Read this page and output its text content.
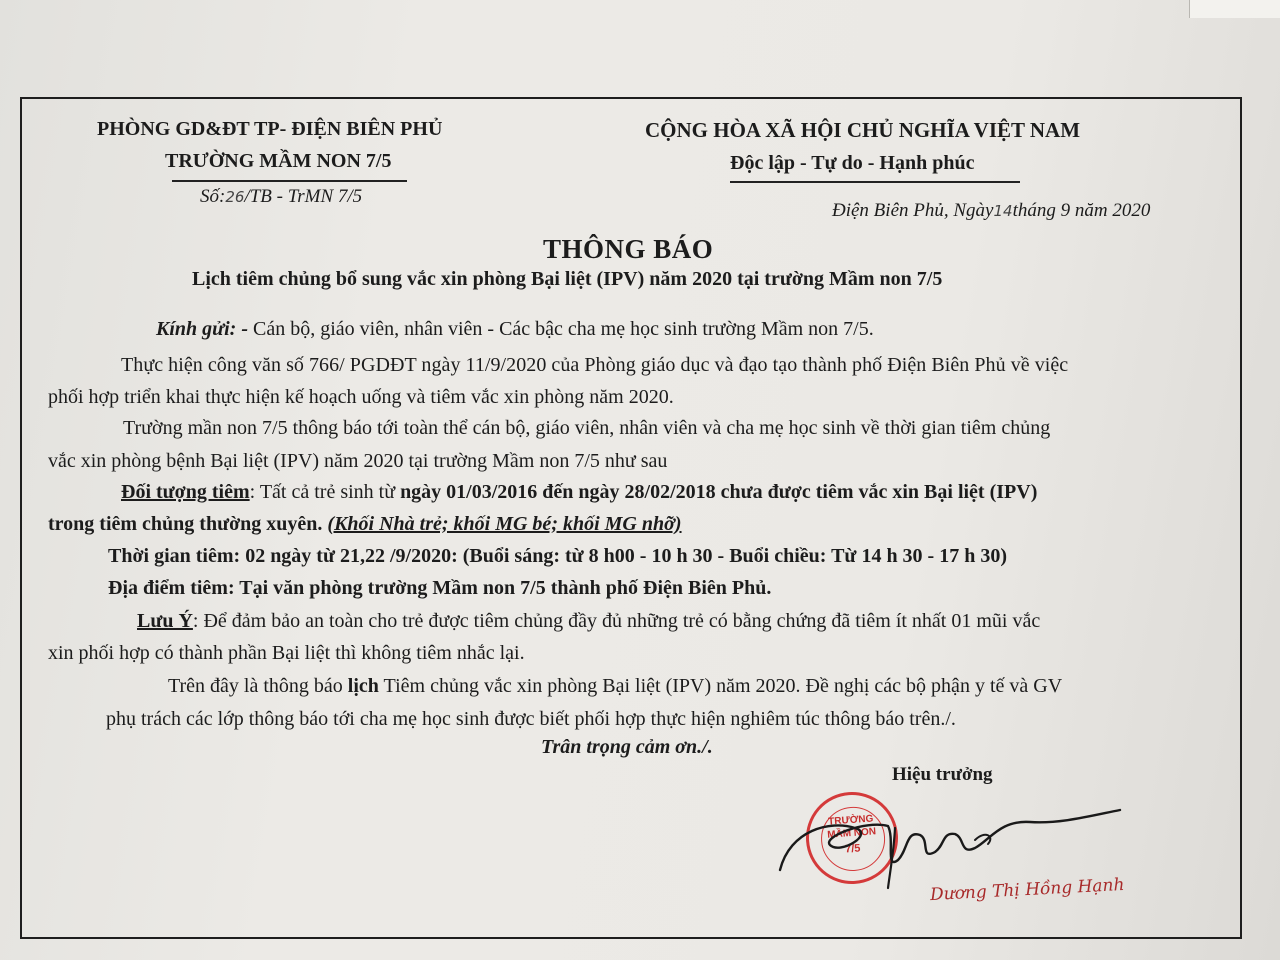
PHÒNG GD&ĐT TP- ĐIỆN BIÊN PHỦ
TRƯỜNG MẦM NON 7/5
Số:26/TB - TrMN 7/5
CỘNG HÒA XÃ HỘI CHỦ NGHĨA VIỆT NAM
Độc lập - Tự do - Hạnh phúc
Điện Biên Phủ, Ngày14tháng 9 năm 2020
THÔNG BÁO
Lịch tiêm chủng bổ sung vắc xin phòng Bại liệt (IPV) năm 2020 tại trường Mầm non 7/5
Kính gửi: - Cán bộ, giáo viên, nhân viên - Các bậc cha mẹ học sinh trường Mầm non 7/5.
Thực hiện công văn số 766/ PGDĐT ngày 11/9/2020 của Phòng giáo dục và đạo tạo thành phố Điện Biên Phủ về việc
phối hợp triển khai thực hiện kế hoạch uống và tiêm vắc xin phòng năm 2020.
Trường mần non 7/5 thông báo tới toàn thể cán bộ, giáo viên, nhân viên và cha mẹ học sinh về thời gian tiêm chủng
vắc xin phòng bệnh Bại liệt (IPV) năm 2020 tại trường Mầm non 7/5 như sau
Đối tượng tiêm: Tất cả trẻ sinh từ ngày 01/03/2016 đến ngày 28/02/2018 chưa được tiêm vắc xin Bại liệt (IPV)
trong tiêm chủng thường xuyên. (Khối Nhà trẻ; khối MG bé; khối MG nhỡ)
Thời gian tiêm: 02 ngày từ 21,22 /9/2020: (Buổi sáng: từ 8 h00 - 10 h 30 - Buổi chiều: Từ 14 h 30 - 17 h 30)
Địa điểm tiêm: Tại văn phòng trường Mầm non 7/5 thành phố Điện Biên Phủ.
Lưu Ý: Để đảm bảo an toàn cho trẻ được tiêm chủng đầy đủ những trẻ có bằng chứng đã tiêm ít nhất 01 mũi vắc
xin phối hợp có thành phần Bại liệt thì không tiêm nhắc lại.
Trên đây là thông báo lịch Tiêm chủng vắc xin phòng Bại liệt (IPV) năm 2020. Đề nghị các bộ phận y tế và GV
phụ trách các lớp thông báo tới cha mẹ học sinh được biết phối hợp thực hiện nghiêm túc thông báo trên./.
Trân trọng cảm ơn./.
Hiệu trưởng
TRƯỜNG
MẦM NON
7/5
Dương Thị Hồng Hạnh
